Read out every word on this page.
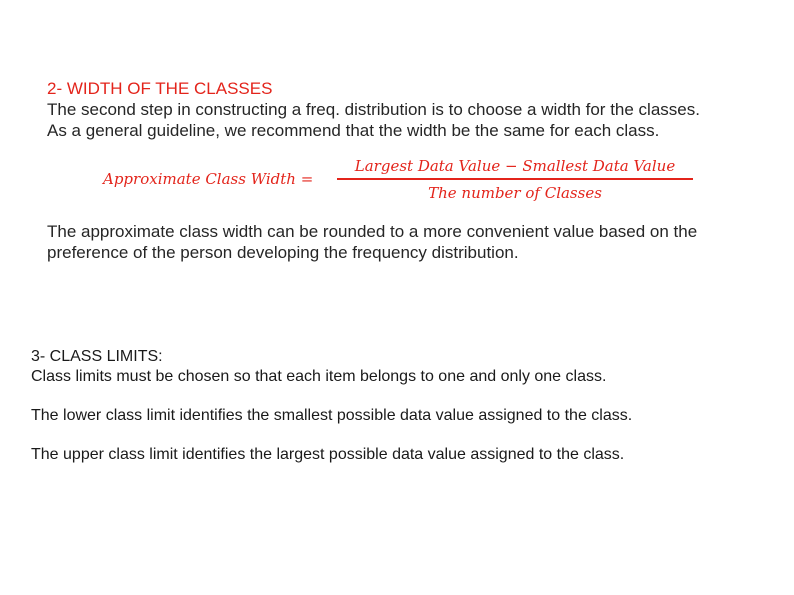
2- WIDTH OF THE CLASSES
The second step in constructing a freq. distribution is to choose a width for the classes.
As a general guideline, we recommend that the width be the same for each class.
Approximate Class Width =
Largest Data Value − Smallest Data Value
The number of Classes
The approximate class width can be rounded to a more convenient value based on the
preference of the person developing the frequency distribution.
3- CLASS LIMITS:
Class limits must be chosen so that each item belongs to one and only one class.
The lower class limit identifies the smallest possible data value assigned to the class.
The upper class limit identifies the largest possible data value assigned to the class.
